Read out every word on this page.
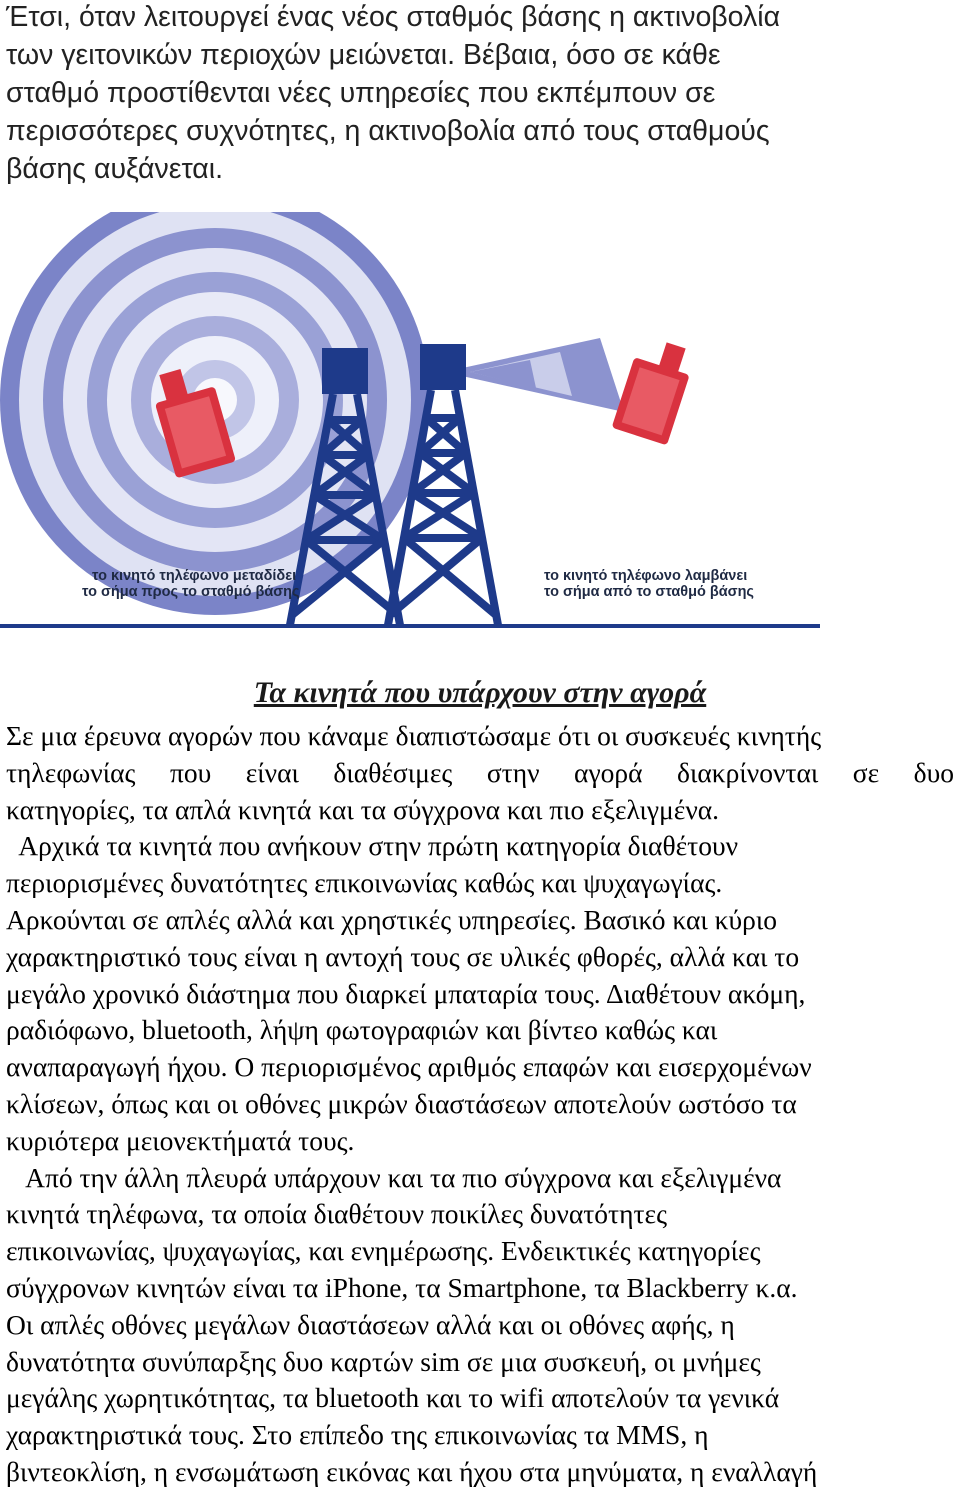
Έτσι, όταν λειτουργεί ένας νέος σταθμός βάσης η ακτινοβολία
των γειτονικών περιοχών μειώνεται. Βέβαια, όσο σε κάθε
σταθμό προστίθενται νέες υπηρεσίες που εκπέμπουν σε
περισσότερες συχνότητες, η ακτινοβολία από τους σταθμούς
βάσης αυξάνεται.
το κινητό τηλέφωνο μεταδίδει
το σήμα προς το σταθμό βάσης
το κινητό τηλέφωνο λαμβάνει
το σήμα από το σταθμό βάσης
Τα κινητά που υπάρχουν στην αγορά
Σε μια έρευνα αγορών που κάναμε διαπιστώσαμε ότι οι συσκευές κινητής
τηλεφωνίας που είναι διαθέσιμες στην αγορά διακρίνονται σε δυο
κατηγορίες, τα απλά κινητά και τα σύγχρονα και πιο εξελιγμένα.
Αρχικά τα κινητά που ανήκουν στην πρώτη κατηγορία διαθέτουν
περιορισμένες δυνατότητες επικοινωνίας καθώς και ψυχαγωγίας.
Αρκούνται σε απλές αλλά και χρηστικές υπηρεσίες. Βασικό και κύριο
χαρακτηριστικό τους είναι η αντοχή τους σε υλικές φθορές, αλλά και το
μεγάλο χρονικό διάστημα που διαρκεί μπαταρία τους. Διαθέτουν ακόμη,
ραδιόφωνο, bluetooth, λήψη φωτογραφιών και βίντεο καθώς και
αναπαραγωγή ήχου. Ο περιορισμένος αριθμός επαφών και εισερχομένων
κλίσεων, όπως και οι οθόνες μικρών διαστάσεων αποτελούν ωστόσο τα
κυριότερα μειονεκτήματά τους.
Από την άλλη πλευρά υπάρχουν και τα πιο σύγχρονα και εξελιγμένα
κινητά τηλέφωνα, τα οποία διαθέτουν ποικίλες δυνατότητες
επικοινωνίας, ψυχαγωγίας, και ενημέρωσης. Ενδεικτικές κατηγορίες
σύγχρονων κινητών είναι τα iPhone, τα Smartphone, τα Blackberry κ.α.
Οι απλές οθόνες μεγάλων διαστάσεων αλλά και οι οθόνες αφής, η
δυνατότητα συνύπαρξης δυο καρτών sim σε μια συσκευή, οι μνήμες
μεγάλης χωρητικότητας, τα bluetooth και το wifi αποτελούν τα γενικά
χαρακτηριστικά τους. Στο επίπεδο της επικοινωνίας τα MMS, η
βιντεοκλίση, η ενσωμάτωση εικόνας και ήχου στα μηνύματα, η εναλλαγή
